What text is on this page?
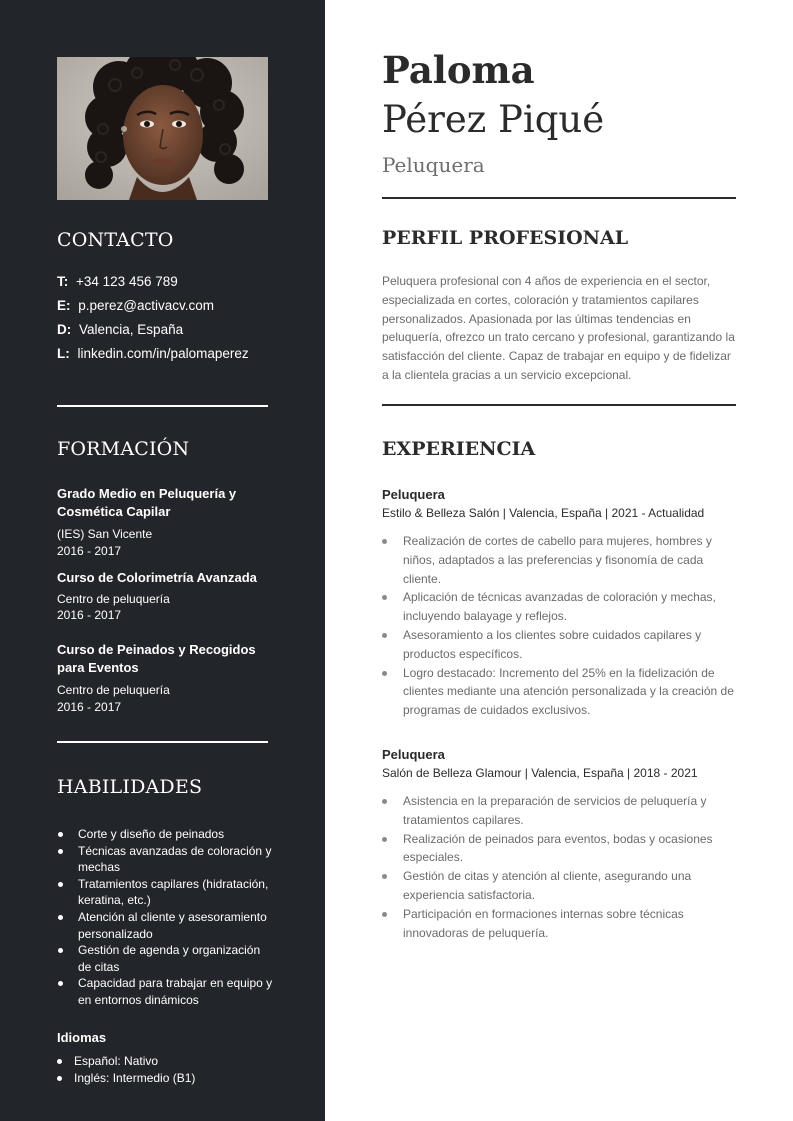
CONTACTO
T: +34 123 456 789
E: p.perez@activacv.com
D: Valencia, España
L: linkedin.com/in/palomaperez
FORMACIÓN
Grado Medio en Peluquería y Cosmética Capilar
(IES) San Vicente
2016 - 2017
Curso de Colorimetría Avanzada
Centro de peluquería
2016 - 2017
Curso de Peinados y Recogidos para Eventos
Centro de peluquería
2016 - 2017
HABILIDADES
Corte y diseño de peinados
Técnicas avanzadas de coloración y mechas
Tratamientos capilares (hidratación, keratina, etc.)
Atención al cliente y asesoramiento personalizado
Gestión de agenda y organización de citas
Capacidad para trabajar en equipo y en entornos dinámicos
Idiomas
Español: Nativo
Inglés: Intermedio (B1)
Paloma
Pérez Piqué
Peluquera
PERFIL PROFESIONAL

Peluquera profesional con 4 años de experiencia en el sector, especializada en cortes, coloración y tratamientos capilares personalizados. Apasionada por las últimas tendencias en peluquería, ofrezco un trato cercano y profesional, garantizando la satisfacción del cliente. Capaz de trabajar en equipo y de fidelizar a la clientela gracias a un servicio excepcional.

EXPERIENCIA
Peluquera
Estilo & Belleza Salón | Valencia, España | 2021 - Actualidad
Realización de cortes de cabello para mujeres, hombres y niños, adaptados a las preferencias y fisonomía de cada cliente.
Aplicación de técnicas avanzadas de coloración y mechas, incluyendo balayage y reflejos.
Asesoramiento a los clientes sobre cuidados capilares y productos específicos.
Logro destacado: Incremento del 25% en la fidelización de clientes mediante una atención personalizada y la creación de programas de cuidados exclusivos.
Peluquera
Salón de Belleza Glamour | Valencia, España | 2018 - 2021
Asistencia en la preparación de servicios de peluquería y tratamientos capilares.
Realización de peinados para eventos, bodas y ocasiones especiales.
Gestión de citas y atención al cliente, asegurando una experiencia satisfactoria.
Participación en formaciones internas sobre técnicas innovadoras de peluquería.
